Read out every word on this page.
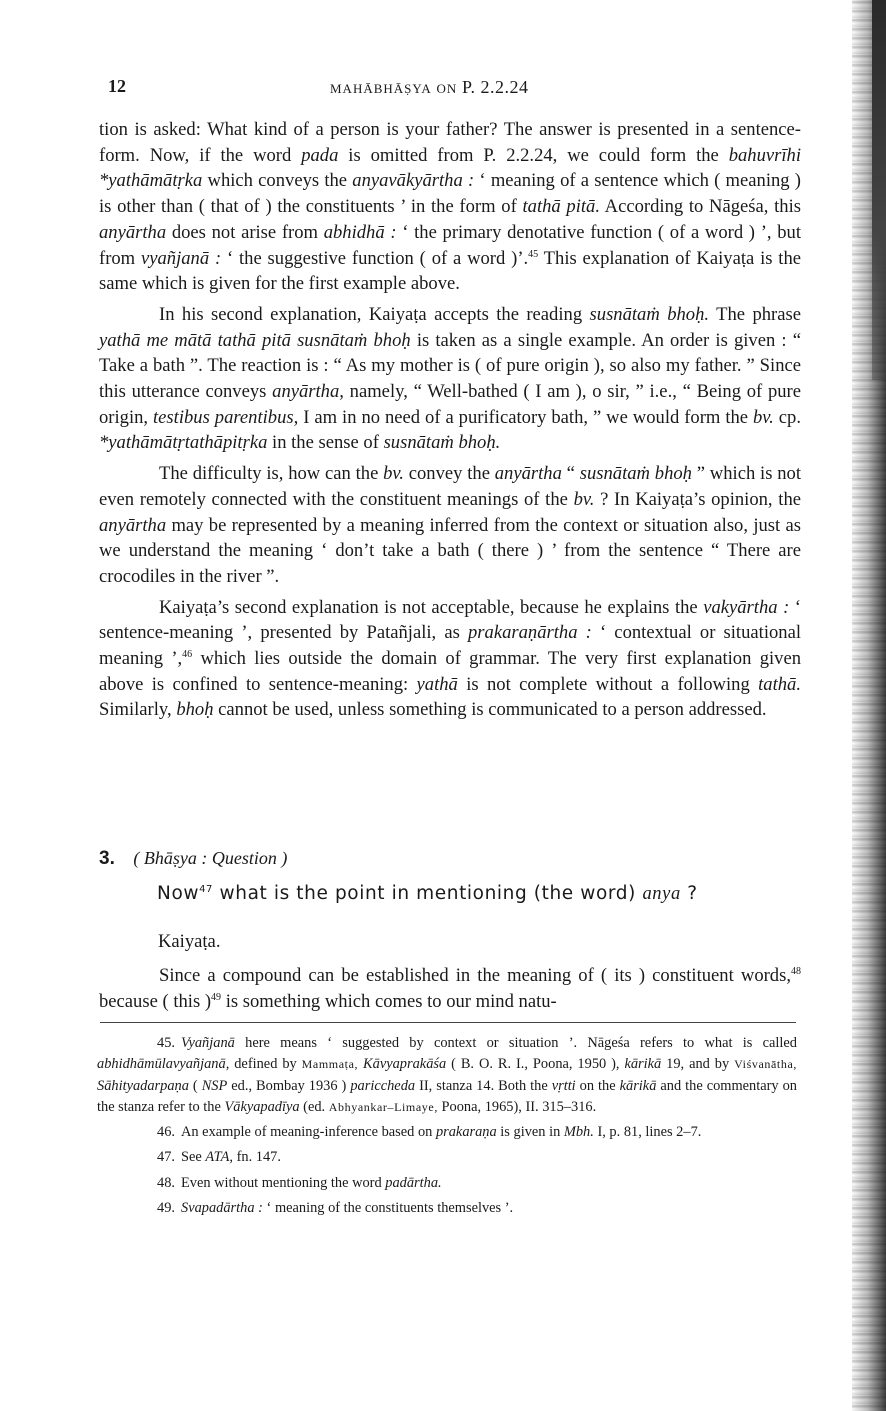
12	MAHĀBHĀṢYA ON P. 2.2.24

tion is asked: What kind of a person is your father? The answer is presented in a sentence-form. Now, if the word pada is omitted from P. 2.2.24, we could form the bahuvrīhi *yathāmātṛka which conveys the anyavākyārtha : ‘ meaning of a sentence which ( meaning ) is other than ( that of ) the constituents ’ in the form of tathā pitā. According to Nāgeśa, this anyārtha does not arise from abhidhā : ‘ the primary denotative function ( of a word ) ’, but from vyañjanā : ‘ the suggestive function ( of a word )’.$^{45}$ This explanation of Kaiyaṭa is the same which is given for the first example above.

In his second explanation, Kaiyaṭa accepts the reading susnātaṁ bhoḥ. The phrase yathā me mātā tathā pitā susnātaṁ bhoḥ is taken as a single example. An order is given : “ Take a bath ”. The reaction is : “ As my mother is ( of pure origin ), so also my father. ” Since this utterance conveys anyārtha, namely, “ Well-bathed ( I am ), o sir, ” i.e., “ Being of pure origin, testibus parentibus, I am in no need of a purificatory bath, ” we would form the bv. cp. *yathāmātṛtathāpitṛka in the sense of susnātaṁ bhoḥ.

The difficulty is, how can the bv. convey the anyārtha “ susnātaṁ bhoḥ ” which is not even remotely connected with the constituent meanings of the bv. ? In Kaiyaṭa’s opinion, the anyārtha may be represented by a meaning inferred from the context or situation also, just as we understand the meaning ‘ don’t take a bath ( there ) ’ from the sentence “ There are crocodiles in the river ”.

Kaiyaṭa’s second explanation is not acceptable, because he explains the vakyārtha : ‘ sentence-meaning ’, presented by Patañjali, as prakaraṇārtha : ‘ contextual or situational meaning ’,$^{46}$ which lies outside the domain of grammar. The very first explanation given above is confined to sentence-meaning: yathā is not complete without a following tathā. Similarly, bhoḥ cannot be used, unless something is communicated to a person addressed.

3. ( Bhāṣya : Question )
Now$^{47}$ what is the point in mentioning (the word) anya ?
Kaiyaṭa.

Since a compound can be established in the meaning of ( its ) constituent words,$^{48}$ because ( this )$^{49}$ is something which comes to our mind natu-

45. Vyañjanā here means ‘ suggested by context or situation ’. Nāgeśa refers to what is called abhidhāmūlavyañjanā, defined by Mammaṭa, Kāvyaprakāśa ( B. O. R. I., Poona, 1950 ), kārikā 19, and by Viśvanātha, Sāhityadarpaṇa ( NSP ed., Bombay 1936 ) pariccheda II, stanza 14. Both the vṛtti on the kārikā and the commentary on the stanza refer to the Vākyapadīya (ed. Abhyankar–Limaye, Poona, 1965), II. 315–316.

46. An example of meaning-inference based on prakaraṇa is given in Mbh. I, p. 81, lines 2–7.

47. See ATA, fn. 147.

48. Even without mentioning the word padārtha.

49. Svapadārtha : ‘ meaning of the constituents themselves ’.
